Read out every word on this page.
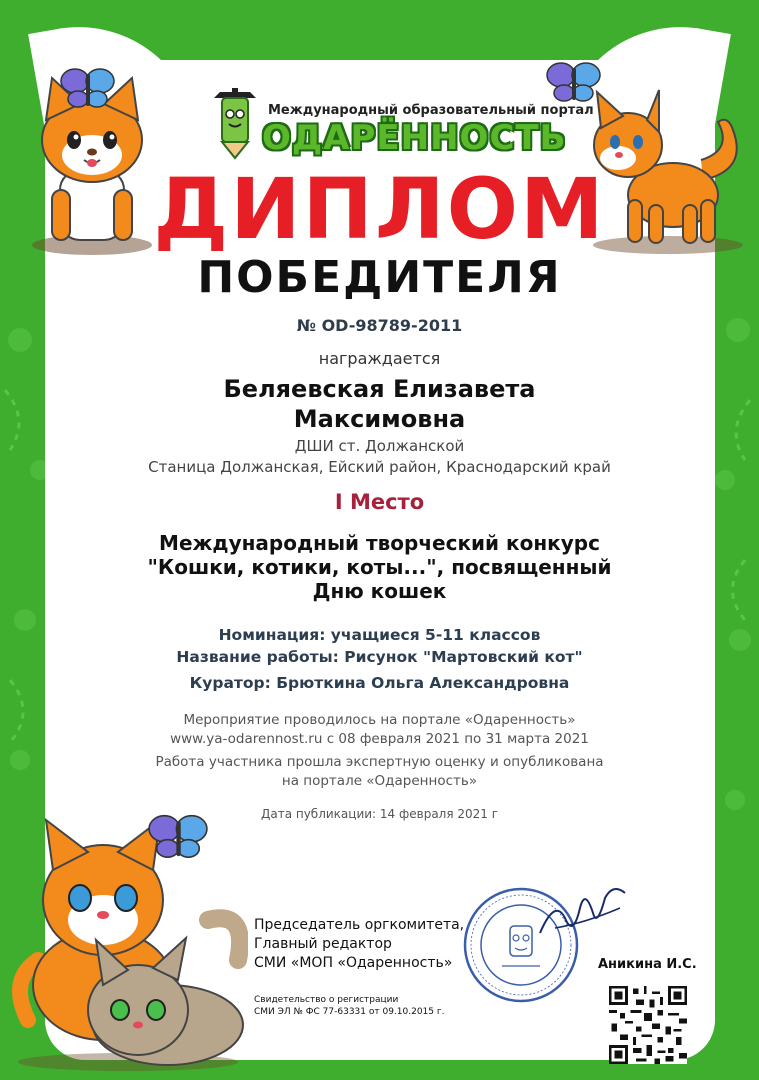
Международный образовательный портал
ОДАРЁННОСТЬ
ДИПЛОМ
ПОБЕДИТЕЛЯ
№ OD-98789-2011
награждается
Беляевская Елизавета
Максимовна
ДШИ ст. Должанской
Станица Должанская, Ейский район, Краснодарский край
I Место
Международный творческий конкурс
"Кошки, котики, коты...", посвященный
Дню кошек
Номинация: учащиеся 5-11 классов
Название работы: Рисунок "Мартовский кот"
Куратор: Брюткина Ольга Александровна
Мероприятие проводилось на портале «Одаренность»
www.ya-odarennost.ru с 08 февраля 2021 по 31 марта 2021
Работа участника прошла экспертную оценку и опубликована
на портале «Одаренность»
Дата публикации: 14 февраля 2021 г
Председатель оргкомитета,
Главный редактор
СМИ «МОП «Одаренность»
Свидетельство о регистрации
СМИ ЭЛ № ФС 77-63331 от 09.10.2015 г.
Аникина И.С.
